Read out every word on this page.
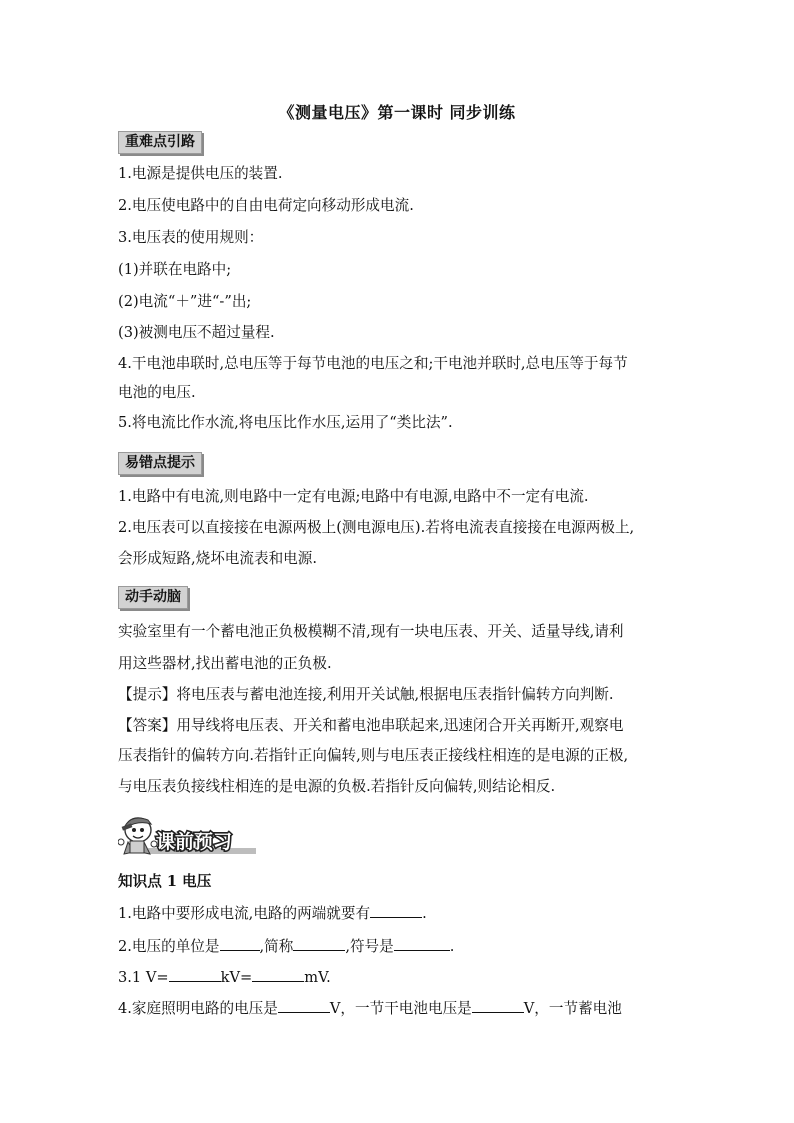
《测量电压》第一课时 同步训练
重难点引路
1.电源是提供电压的装置.
2.电压使电路中的自由电荷定向移动形成电流.
3.电压表的使用规则：
(1)并联在电路中;
(2)电流“＋”进“-”出;
(3)被测电压不超过量程.
4.干电池串联时,总电压等于每节电池的电压之和;干电池并联时,总电压等于每节
电池的电压.
5.将电流比作水流,将电压比作水压,运用了“类比法”.
易错点提示
1.电路中有电流,则电路中一定有电源;电路中有电源,电路中不一定有电流.
2.电压表可以直接接在电源两极上(测电源电压).若将电流表直接接在电源两极上,
会形成短路,烧坏电流表和电源.
动手动脑
实验室里有一个蓄电池正负极模糊不清,现有一块电压表、开关、适量导线,请利
用这些器材,找出蓄电池的正负极.
【提示】将电压表与蓄电池连接,利用开关试触,根据电压表指针偏转方向判断.
【答案】用导线将电压表、开关和蓄电池串联起来,迅速闭合开关再断开,观察电
压表指针的偏转方向.若指针正向偏转,则与电压表正接线柱相连的是电源的正极,
与电压表负接线柱相连的是电源的负极.若指针反向偏转,则结论相反.
课前预习
知识点 1 电压
1.电路中要形成电流,电路的两端就要有	.
2.电压的单位是	,简称	,符号是	.
3.1 V=	kV=	mV.
4.家庭照明电路的电压是	V，一节干电池电压是	V，一节蓄电池
